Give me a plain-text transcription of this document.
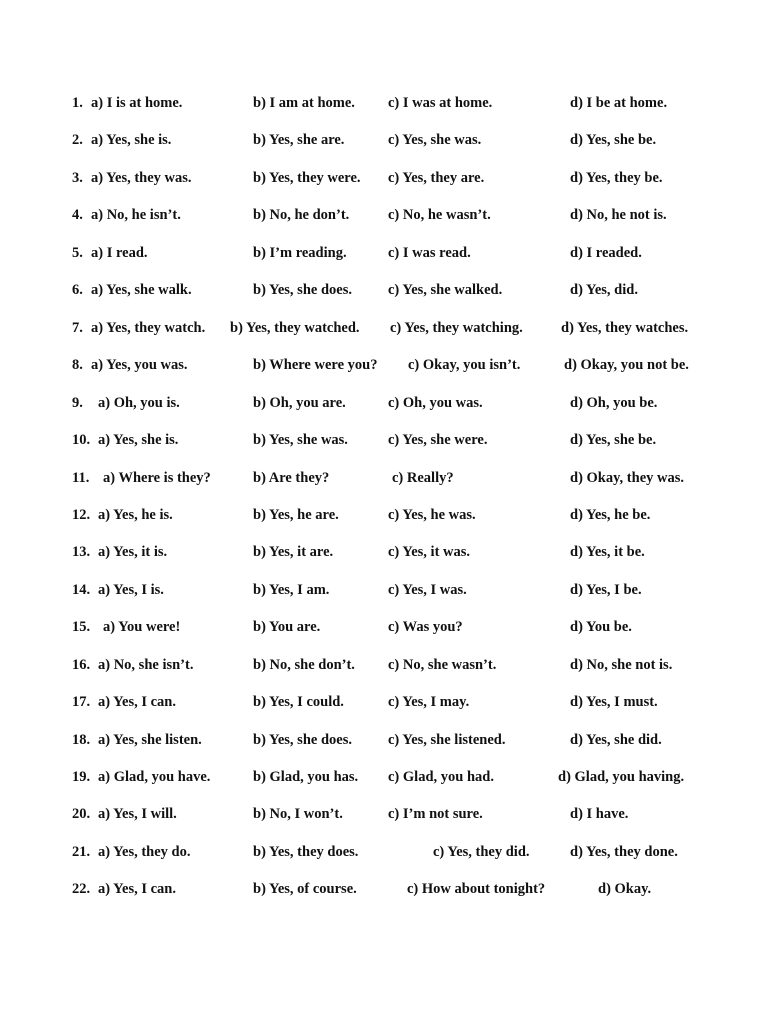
1. a) I is at home.	b) I am at home. c) I was at home.	d) I be at home.
2. a) Yes, she is.	b) Yes, she are.	c) Yes, she was.	d) Yes, she be.
3. a) Yes, they was.	b) Yes, they were. c) Yes, they are.	d) Yes, they be.
4. a) No, he isn’t.	b) No, he don’t.	c) No, he wasn’t.	d) No, he not is.
5. a) I read.	b) I’m reading.	c) I was read.	d) I readed.
6. a) Yes, she walk.	b) Yes, she does. c) Yes, she walked.	d) Yes, did.
7. a) Yes, they watch. b) Yes, they watched. c) Yes, they watching.	d) Yes, they watches.
8. a) Yes, you was.	b) Where were you? c) Okay, you isn’t.	d) Okay, you not be.
9. a) Oh, you is.	b) Oh, you are.	c) Oh, you was.	d) Oh, you be.
10. a) Yes, she is.	b) Yes, she was.	c) Yes, she were.	d) Yes, she be.
11. a) Where is they?	b) Are they?	c) Really?	d) Okay, they was.
12. a) Yes, he is.	b) Yes, he are.	c) Yes, he was.	d) Yes, he be.
13. a) Yes, it is.	b) Yes, it are.	c) Yes, it was.	d) Yes, it be.
14. a) Yes, I is.	b) Yes, I am.	c) Yes, I was.	d) Yes, I be.
15. a) You were!	b) You are.	c) Was you?	d) You be.
16. a) No, she isn’t.	b) No, she don’t. c) No, she wasn’t.	d) No, she not is.
17. a) Yes, I can.	b) Yes, I could.	c) Yes, I may.	d) Yes, I must.
18. a) Yes, she listen.	b) Yes, she does. c) Yes, she listened.	d) Yes, she did.
19. a) Glad, you have.	b) Glad, you has. c) Glad, you had.	d) Glad, you having.
20. a) Yes, I will.	b) No, I won’t.	c) I’m not sure.	d) I have.
21. a) Yes, they do.	b) Yes, they does.	c) Yes, they did.	d) Yes, they done.
22. a) Yes, I can.	b) Yes, of course.	c) How about tonight?	d) Okay.
